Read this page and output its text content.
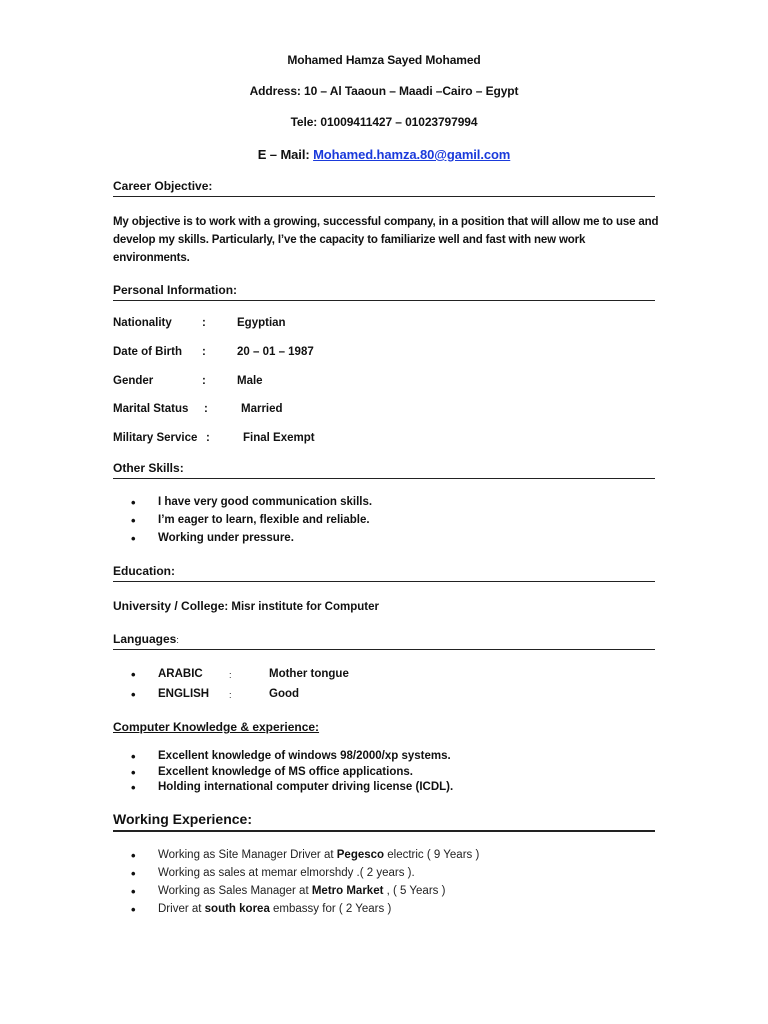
Mohamed Hamza Sayed Mohamed
Address: 10 – Al Taaoun – Maadi –Cairo – Egypt
Tele: 01009411427 – 01023797994
E – Mail: Mohamed.hamza.80@gamil.com
Career Objective:
My objective is to work with a growing, successful company, in a position that will allow me to use and develop my skills. Particularly, I’ve the capacity to familiarize well and fast with new work environments.
Personal Information:
Nationality	:	Egyptian
Date of Birth :	20 – 01 – 1987
Gender	:	Male
Marital Status :	Married
Military Service :	Final Exempt
Other Skills:
• I have very good communication skills.
• I’m eager to learn, flexible and reliable.
• Working under pressure.
Education:
University / College: Misr institute for Computer
Languages:
• ARABIC	:	Mother tongue
• ENGLISH :	Good
Computer Knowledge & experience:
• Excellent knowledge of windows 98/2000/xp systems.
• Excellent knowledge of MS office applications.
• Holding international computer driving license (ICDL).
Working Experience:
• Working as Site Manager Driver at Pegesco electric ( 9 Years )
• Working as sales at memar elmorshdy .( 2 years ).
• Working as Sales Manager at Metro Market , ( 5 Years )
• Driver at south korea embassy for ( 2 Years )
